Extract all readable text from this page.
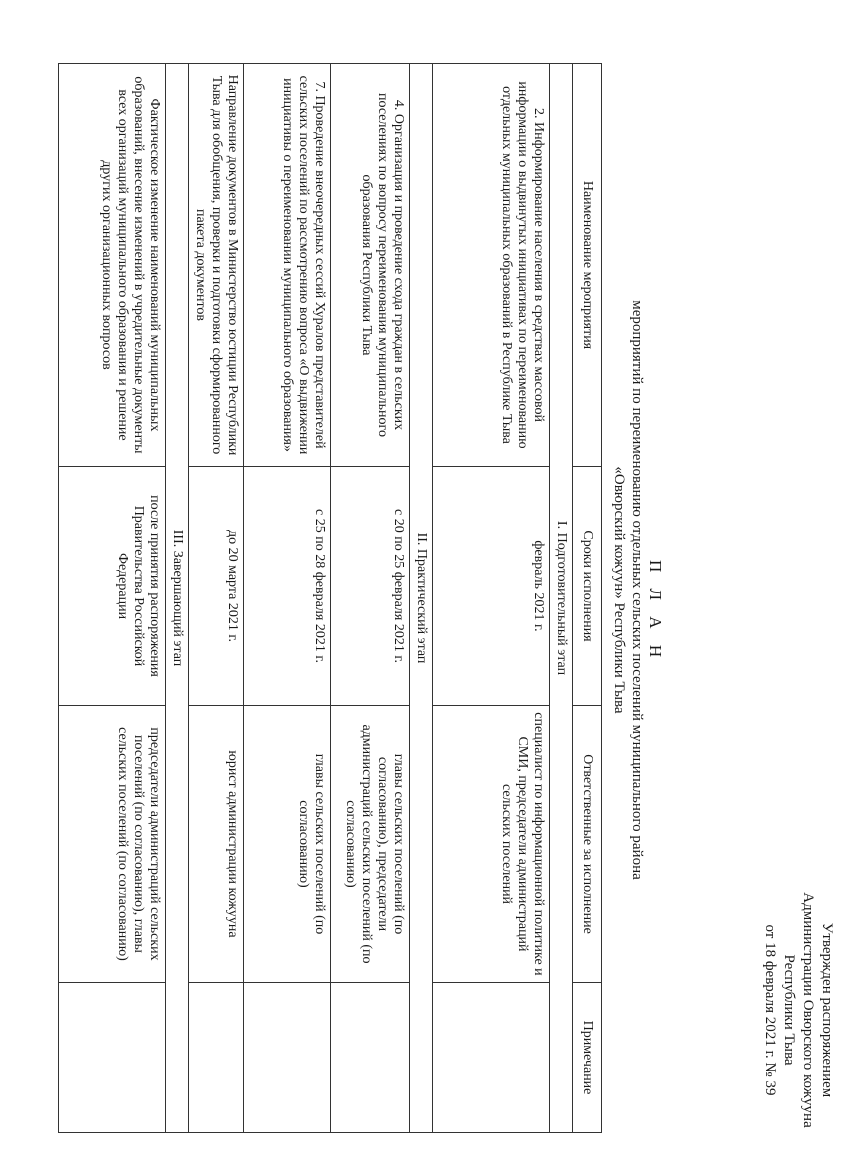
Утвержден распоряжением
Администрации Овюрского кожууна
Республики Тыва
от 18 февраля 2021 г. № 39
П Л А Н
мероприятий по переименованию отдельных сельских поселений муниципального района
«Овюрский кожуун» Республики Тыва
Наименование мероприятия	Сроки исполнения	Ответственные за исполнение	Примечание
I. Подготовительный этап			
2. Информирование населения в средствах массовой информации о выдвинутых инициативах по переименованию отдельных муниципальных образований в Республике Тыва	февраль 2021 г.	специалист по информационной политике и СМИ, председатели администраций сельских поселений	
II. Практический этап			
4. Организация и проведение схода граждан в сельских поселениях по вопросу переименования муниципального образования Республики Тыва	с 20 по 25 февраля 2021 г.	главы сельских поселений (по согласованию), председатели администраций сельских поселений (по согласованию)	
7. Проведение внеочередных сессий Хуралов представителей сельских поселений по рассмотрению вопроса «О выдвижении инициативы о переименовании муниципального образования»	с 25 по 28 февраля 2021 г.	главы сельских поселений (по согласованию)	
Направление документов в Министерство юстиции Республики Тыва для обобщения, проверки и подготовки сформированного пакета документов	до 20 марта 2021 г.	юрист администрации кожууна	
III. Завершающий этап			
Фактическое изменение наименований муниципальных образований, внесение изменений в учредительные документы всех организаций муниципального образования и решение других организационных вопросов	после принятия распоряжения Правительства Российской Федерации	председатели администраций сельских поселений (по согласованию), главы сельских поселений (по согласованию)	
